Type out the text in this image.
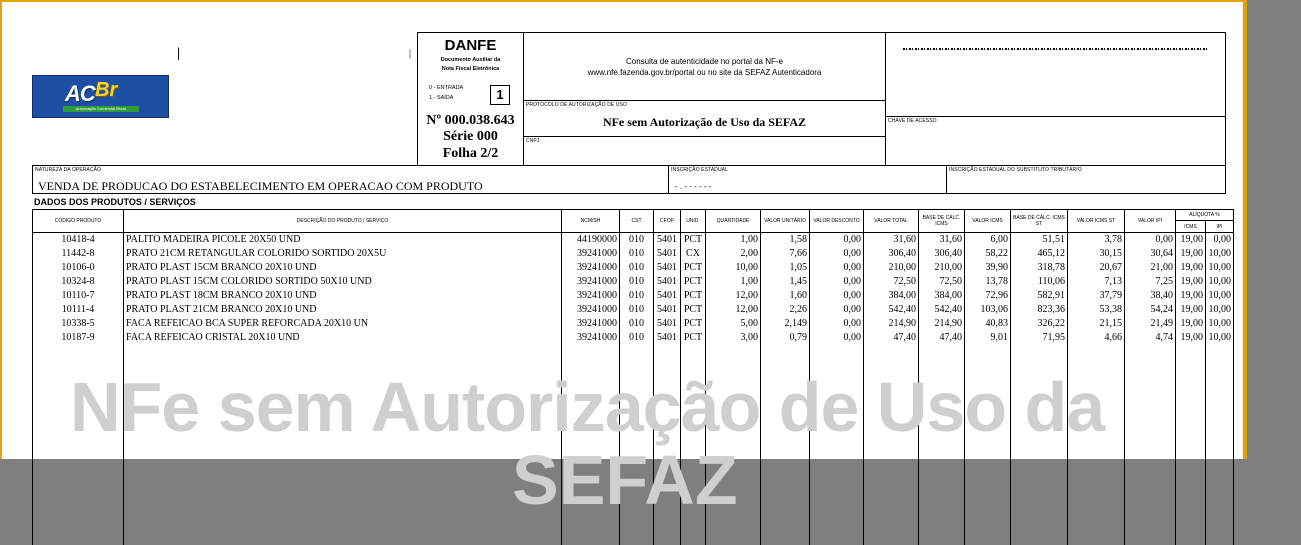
|	|
AC Br
Automação Comercial Brasil
DANFE
Documento Auxiliar da
Nota Fiscal Eletrônica
0 - ENTRADA
1 - SAÍDA	1
Nº 000.038.643
Série 000
Folha 2/2
Consulta de autenticidade no portal da NF-e
www.nfe.fazenda.gov.br/portal ou no site da SEFAZ Autenticadora
PROTOCOLO DE AUTORIZAÇÃO DE USO
NFe sem Autorização de Uso da SEFAZ
CNPJ
CHAVE DE ACESSO
NATUREZA DA OPERAÇÃO
VENDA DE PRODUCAO DO ESTABELECIMENTO EM OPERACAO COM PRODUTO
INSCRIÇÃO ESTADUAL
- . - - - - - -
INSCRIÇÃO ESTADUAL DO SUBSTITUTO TRIBUTÁRIO
DADOS DOS PRODUTOS / SERVIÇOS
CÓDIGO PRODUTO	DESCRIÇÃO DO PRODUTO / SERVIÇO	NCM/SH	CST	CFOP	UNID.	QUANTIDADE	VALOR UNITÁRIO	VALOR DESCONTO	VALOR TOTAL	BASE DE CÁLC. ICMS	VALOR ICMS	BASE DE CÁLC. ICMS ST	VALOR ICMS ST	VALOR IPI	ALÍQUOTA %	
															ICMS	IPI
10418-4	PALITO MADEIRA PICOLE 20X50 UND	44190000	010	5401	PCT	1,00	1,58	0,00	31,60	31,60	6,00	51,51	3,78	0,00	19,00	0,00
11442-8	PRATO 21CM RETANGULAR COLORIDO SORTIDO 20X5U	39241000	010	5401	CX	2,00	7,66	0,00	306,40	306,40	58,22	465,12	30,15	30,64	19,00	10,00
10106-0	PRATO PLAST 15CM BRANCO 20X10 UND	39241000	010	5401	PCT	10,00	1,05	0,00	210,00	210,00	39,90	318,78	20,67	21,00	19,00	10,00
10324-8	PRATO PLAST 15CM COLORIDO SORTIDO 50X10 UND	39241000	010	5401	PCT	1,00	1,45	0,00	72,50	72,50	13,78	110,06	7,13	7,25	19,00	10,00
10110-7	PRATO PLAST 18CM BRANCO 20X10 UND	39241000	010	5401	PCT	12,00	1,60	0,00	384,00	384,00	72,96	582,91	37,79	38,40	19,00	10,00
10111-4	PRATO PLAST 21CM BRANCO 20X10 UND	39241000	010	5401	PCT	12,00	2,26	0,00	542,40	542,40	103,06	823,36	53,38	54,24	19,00	10,00
10338-5	FACA REFEICAO BCA SUPER REFORCADA 20X10 UN	39241000	010	5401	PCT	5,00	2,149	0,00	214,90	214,90	40,83	326,22	21,15	21,49	19,00	10,00
10187-9	FACA REFEICAO CRISTAL 20X10 UND	39241000	010	5401	PCT	3,00	0,79	0,00	47,40	47,40	9,01	71,95	4,66	4,74	19,00	10,00

NFe sem Autorização de Uso da
SEFAZ
